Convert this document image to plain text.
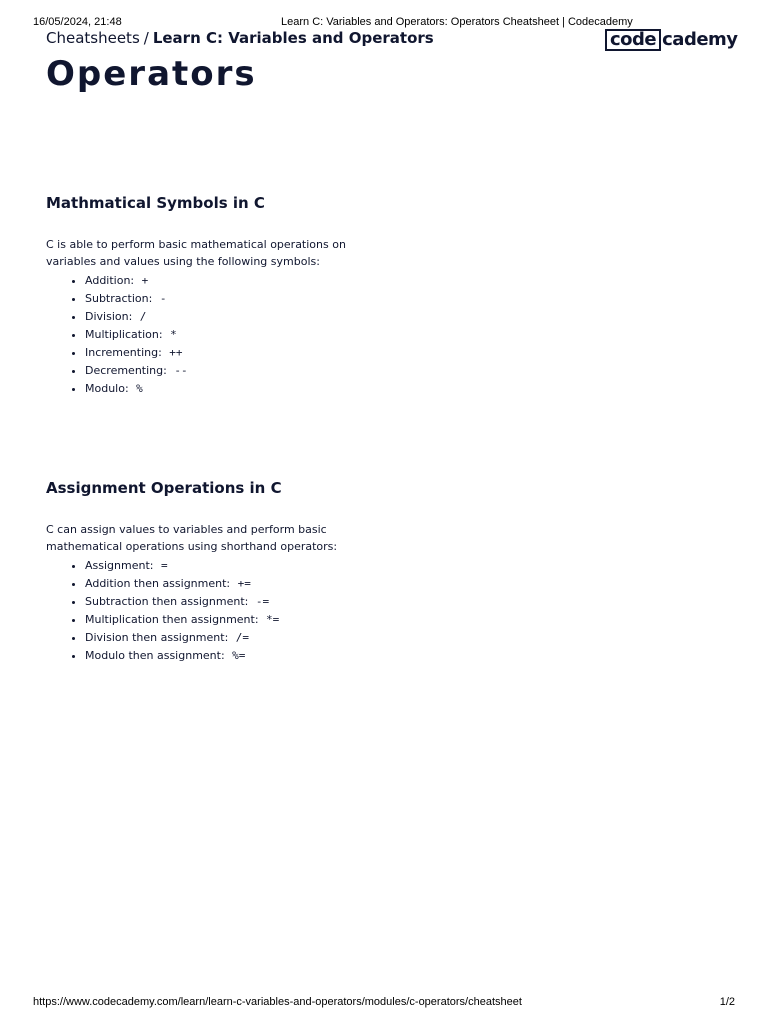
16/05/2024, 21:48	Learn C: Variables and Operators: Operators Cheatsheet | Codecademy
Cheatsheets / Learn C: Variables and Operators	code cademy
Operators
Mathmatical Symbols in C

C is able to perform basic mathematical operations on variables and values using the following symbols:

• Addition: +
• Subtraction: -
• Division: /
• Multiplication: *
• Incrementing: ++
• Decrementing: --
• Modulo: %
Assignment Operations in C

C can assign values to variables and perform basic mathematical operations using shorthand operators:

• Assignment: =
• Addition then assignment: +=
• Subtraction then assignment: -=
• Multiplication then assignment: *=
• Division then assignment: /=
• Modulo then assignment: %=
https://www.codecademy.com/learn/learn-c-variables-and-operators/modules/c-operators/cheatsheet	1/2
